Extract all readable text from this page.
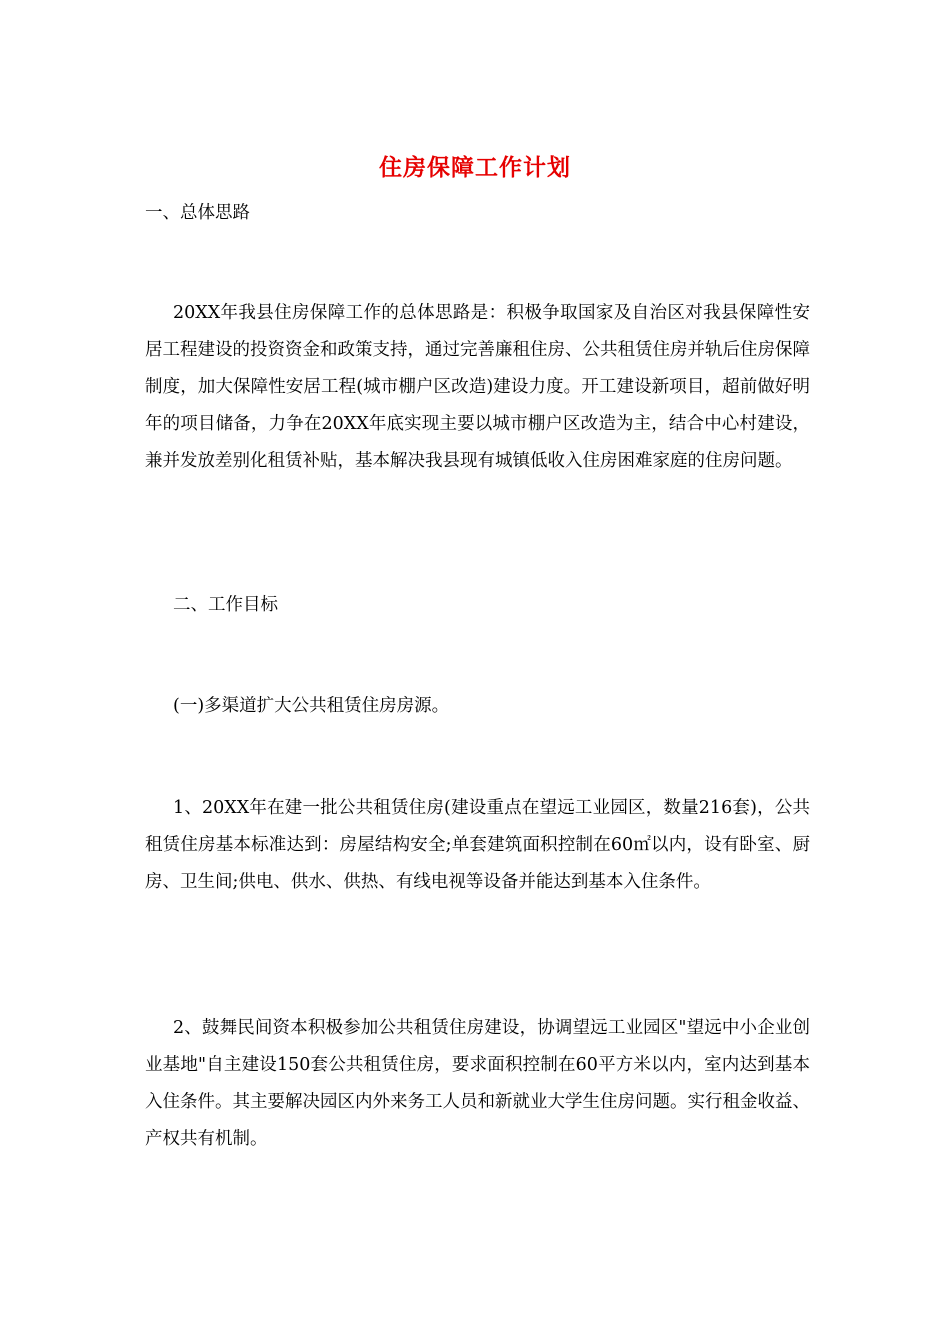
住房保障工作计划
一、总体思路
20XX年我县住房保障工作的总体思路是：积极争取国家及自治区对我县保障性安居工程建设的投资资金和政策支持，通过完善廉租住房、公共租赁住房并轨后住房保障制度，加大保障性安居工程(城市棚户区改造)建设力度。开工建设新项目，超前做好明年的项目储备，力争在20XX年底实现主要以城市棚户区改造为主，结合中心村建设，兼并发放差别化租赁补贴，基本解决我县现有城镇低收入住房困难家庭的住房问题。
二、工作目标
(一)多渠道扩大公共租赁住房房源。
1、20XX年在建一批公共租赁住房(建设重点在望远工业园区，数量216套)，公共租赁住房基本标准达到：房屋结构安全;单套建筑面积控制在60㎡以内，设有卧室、厨房、卫生间;供电、供水、供热、有线电视等设备并能达到基本入住条件。
2、鼓舞民间资本积极参加公共租赁住房建设，协调望远工业园区"望远中小企业创业基地"自主建设150套公共租赁住房，要求面积控制在60平方米以内，室内达到基本入住条件。其主要解决园区内外来务工人员和新就业大学生住房问题。实行租金收益、产权共有机制。
